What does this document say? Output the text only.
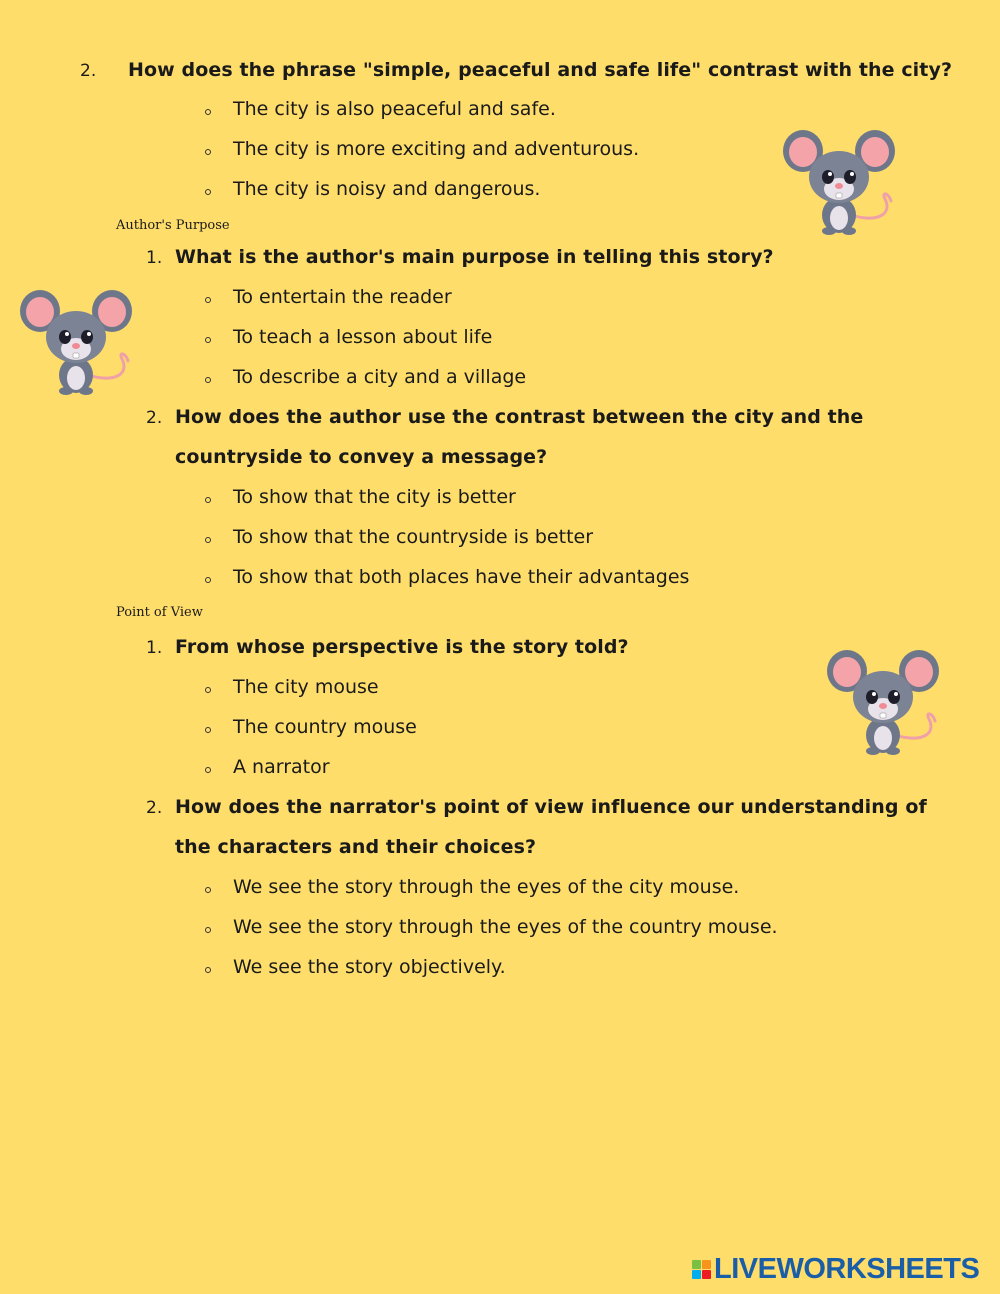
2. How does the phrase "simple, peaceful and safe life" contrast with the city?
The city is also peaceful and safe.
The city is more exciting and adventurous.
The city is noisy and dangerous.
Author's Purpose
1. What is the author's main purpose in telling this story?
To entertain the reader
To teach a lesson about life
To describe a city and a village
2. How does the author use the contrast between the city and the
countryside to convey a message?
To show that the city is better
To show that the countryside is better
To show that both places have their advantages
Point of View
1. From whose perspective is the story told?
The city mouse
The country mouse
A narrator
2. How does the narrator's point of view influence our understanding of
the characters and their choices?
We see the story through the eyes of the city mouse.
We see the story through the eyes of the country mouse.
We see the story objectively.
LIVEWORKSHEETS
